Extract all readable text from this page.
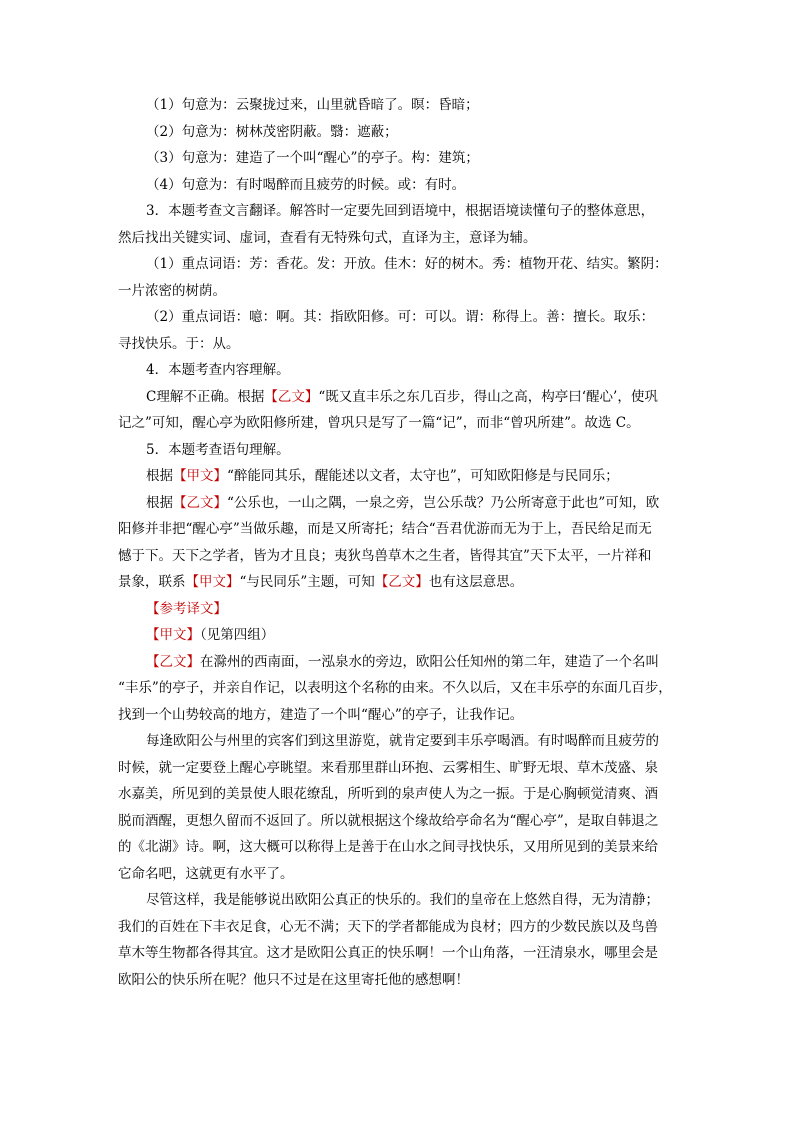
（1）句意为：云聚拢过来，山里就昏暗了。暝：昏暗；
（2）句意为：树林茂密阴蔽。翳：遮蔽；
（3）句意为：建造了一个叫“醒心”的亭子。构：建筑；
（4）句意为：有时喝醉而且疲劳的时候。或：有时。
3．本题考查文言翻译。解答时一定要先回到语境中，根据语境读懂句子的整体意思，
然后找出关键实词、虚词，查看有无特殊句式，直译为主，意译为辅。
（1）重点词语：芳：香花。发：开放。佳木：好的树木。秀：植物开花、结实。繁阴：
一片浓密的树荫。
（2）重点词语：噫：啊。其：指欧阳修。可：可以。谓：称得上。善：擅长。取乐：
寻找快乐。于：从。
4．本题考查内容理解。
C理解不正确。根据【乙文】“既又直丰乐之东几百步，得山之高，构亭曰‘醒心’，使巩
记之”可知，醒心亭为欧阳修所建，曾巩只是写了一篇“记”，而非“曾巩所建”。故选 C。
5．本题考查语句理解。
根据【甲文】“醉能同其乐，醒能述以文者，太守也”，可知欧阳修是与民同乐；
根据【乙文】“公乐也，一山之隅，一泉之旁，岂公乐哉？乃公所寄意于此也”可知，欧
阳修并非把“醒心亭”当做乐趣，而是又所寄托；结合“吾君优游而无为于上，吾民给足而无
憾于下。天下之学者，皆为才且良；夷狄鸟兽草木之生者，皆得其宜”天下太平，一片祥和
景象，联系【甲文】“与民同乐”主题，可知【乙文】也有这层意思。
【参考译文】
【甲文】（见第四组）
【乙文】在滁州的西南面，一泓泉水的旁边，欧阳公任知州的第二年，建造了一个名叫
“丰乐”的亭子，并亲自作记，以表明这个名称的由来。不久以后，又在丰乐亭的东面几百步，
找到一个山势较高的地方，建造了一个叫“醒心”的亭子，让我作记。
每逢欧阳公与州里的宾客们到这里游览，就肯定要到丰乐亭喝酒。有时喝醉而且疲劳的
时候，就一定要登上醒心亭眺望。来看那里群山环抱、云雾相生、旷野无垠、草木茂盛、泉
水嘉美，所见到的美景使人眼花缭乱，所听到的泉声使人为之一振。于是心胸顿觉清爽、酒
脱而酒醒，更想久留而不返回了。所以就根据这个缘故给亭命名为“醒心亭”，是取自韩退之
的《北湖》诗。啊，这大概可以称得上是善于在山水之间寻找快乐，又用所见到的美景来给
它命名吧，这就更有水平了。
尽管这样，我是能够说出欧阳公真正的快乐的。我们的皇帝在上悠然自得，无为清静；
我们的百姓在下丰衣足食，心无不满；天下的学者都能成为良材；四方的少数民族以及鸟兽
草木等生物都各得其宜。这才是欧阳公真正的快乐啊！一个山角落，一汪清泉水，哪里会是
欧阳公的快乐所在呢？他只不过是在这里寄托他的感想啊！
